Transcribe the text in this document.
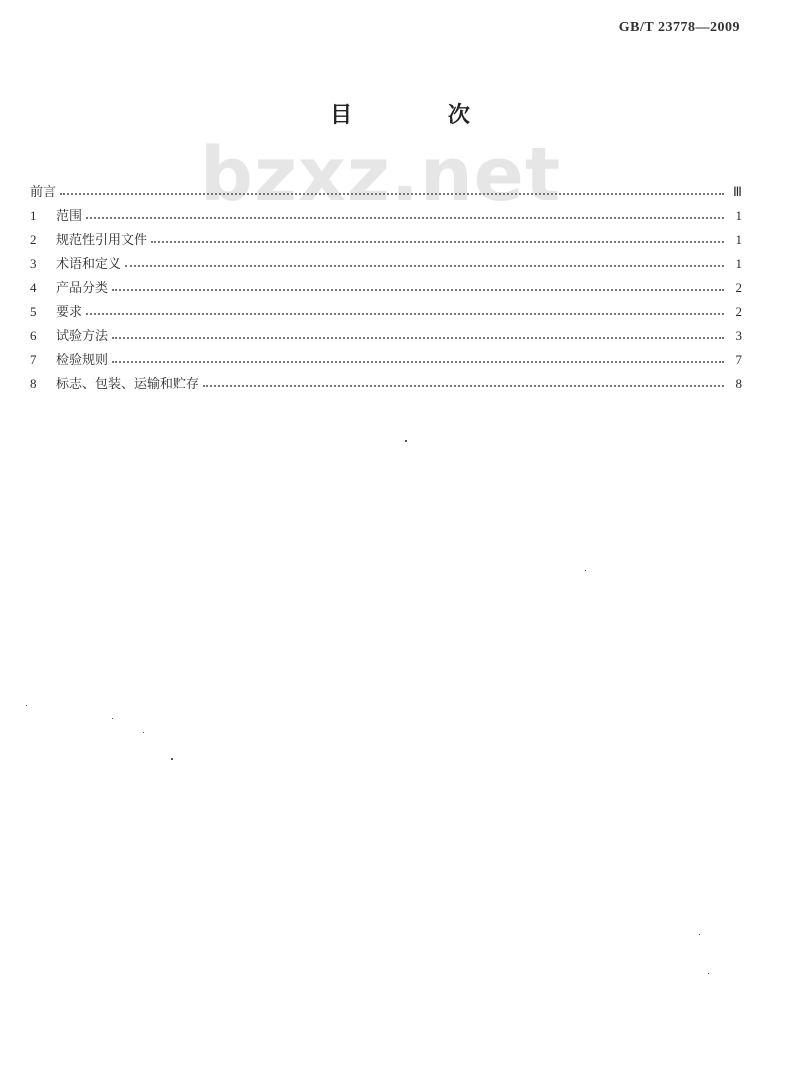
GB/T 23778—2009
目 次
bzxz.net
前言	Ⅲ
1	范围	1
2	规范性引用文件	1
3	术语和定义	1
4	产品分类	2
5	要求	2
6	试验方法	3
7	检验规则	7
8	标志、包装、运输和贮存	8
